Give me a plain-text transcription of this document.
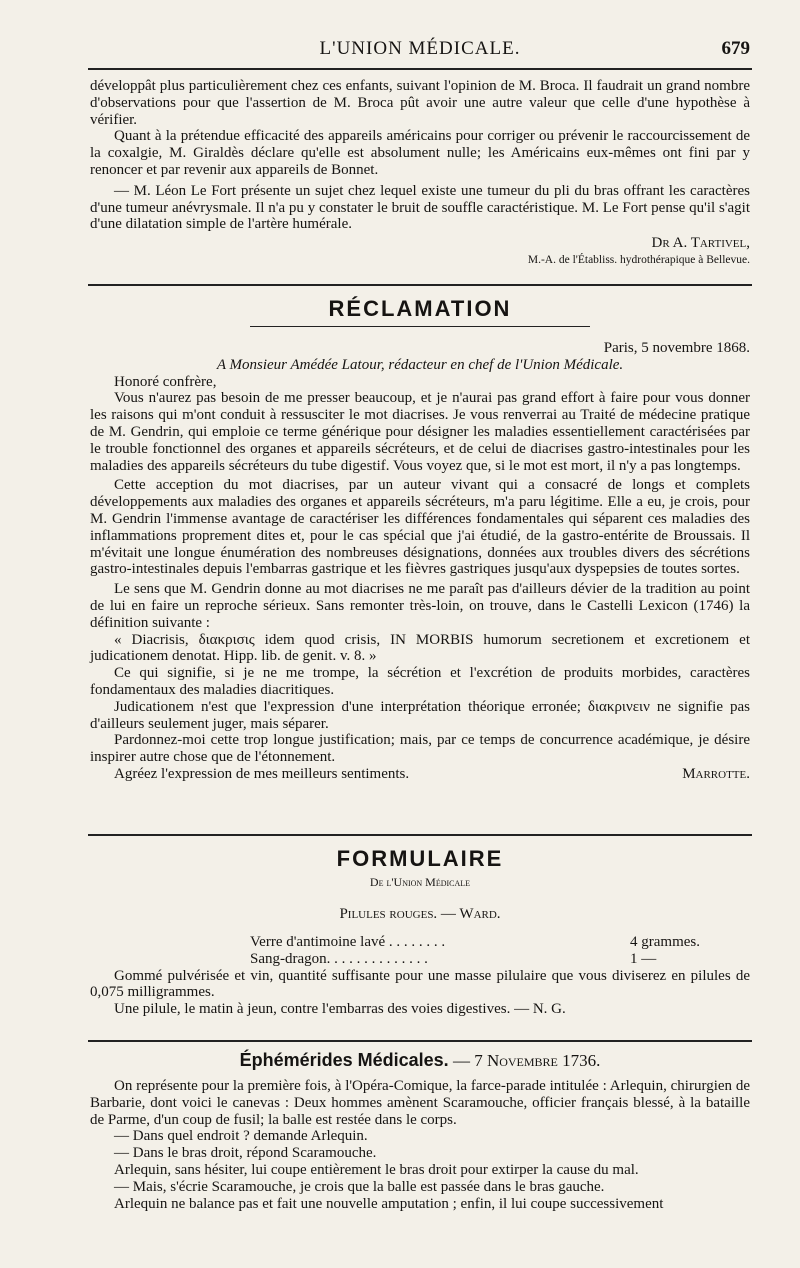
L'UNION MÉDICALE.	679

développât plus particulièrement chez ces enfants, suivant l'opinion de M. Broca. Il faudrait un grand nombre d'observations pour que l'assertion de M. Broca pût avoir une autre valeur que celle d'une hypothèse à vérifier.

Quant à la prétendue efficacité des appareils américains pour corriger ou prévenir le raccourcissement de la coxalgie, M. Giraldès déclare qu'elle est absolument nulle; les Américains eux-mêmes ont fini par y renoncer et par revenir aux appareils de Bonnet.

— M. Léon Le Fort présente un sujet chez lequel existe une tumeur du pli du bras offrant les caractères d'une tumeur anévrysmale. Il n'a pu y constater le bruit de souffle caractéristique. M. Le Fort pense qu'il s'agit d'une dilatation simple de l'artère humérale.

Dr A. Tartivel,
M.-A. de l'Établiss. hydrothérapique à Bellevue.
RÉCLAMATION
Paris, 5 novembre 1868.

A Monsieur Amédée Latour, rédacteur en chef de l'Union Médicale.

Honoré confrère,

Vous n'aurez pas besoin de me presser beaucoup, et je n'aurai pas grand effort à faire pour vous donner les raisons qui m'ont conduit à ressusciter le mot diacrises. Je vous renverrai au Traité de médecine pratique de M. Gendrin, qui emploie ce terme générique pour désigner les maladies essentiellement caractérisées par le trouble fonctionnel des organes et appareils sécréteurs, et de celui de diacrises gastro-intestinales pour les maladies des appareils sécréteurs du tube digestif. Vous voyez que, si le mot est mort, il n'y a pas longtemps.

Cette acception du mot diacrises, par un auteur vivant qui a consacré de longs et complets développements aux maladies des organes et appareils sécréteurs, m'a paru légitime. Elle a eu, je crois, pour M. Gendrin l'immense avantage de caractériser les différences fondamentales qui séparent ces maladies des inflammations proprement dites et, pour le cas spécial que j'ai étudié, de la gastro-entérite de Broussais. Il m'évitait une longue énumération des nombreuses désignations, données aux troubles divers des sécrétions gastro-intestinales depuis l'embarras gastrique et les fièvres gastriques jusqu'aux dyspepsies de toutes sortes.

Le sens que M. Gendrin donne au mot diacrises ne me paraît pas d'ailleurs dévier de la tradition au point de lui en faire un reproche sérieux. Sans remonter très-loin, on trouve, dans le Castelli Lexicon (1746) la définition suivante :

« Diacrisis, διακρισις idem quod crisis, IN MORBIS humorum secretionem et excretionem et judicationem denotat. Hipp. lib. de genit. v. 8. »

Ce qui signifie, si je ne me trompe, la sécrétion et l'excrétion de produits morbides, caractères fondamentaux des maladies diacritiques.

Judicationem n'est que l'expression d'une interprétation théorique erronée; διακρινειν ne signifie pas d'ailleurs seulement juger, mais séparer.

Pardonnez-moi cette trop longue justification; mais, par ce temps de concurrence académique, je désire inspirer autre chose que de l'étonnement.

Agréez l'expression de mes meilleurs sentiments.	Marrotte.
FORMULAIRE
De l'Union Médicale
Pilules rouges. — Ward.
Verre d'antimoine lavé . . . . . . . .	4 grammes.
Sang-dragon. . . . . . . . . . . . . .	1 —

Gommé pulvérisée et vin, quantité suffisante pour une masse pilulaire que vous diviserez en pilules de 0,075 milligrammes.

Une pilule, le matin à jeun, contre l'embarras des voies digestives. — N. G.

Éphémérides Médicales. — 7 Novembre 1736.

On représente pour la première fois, à l'Opéra-Comique, la farce-parade intitulée : Arlequin, chirurgien de Barbarie, dont voici le canevas : Deux hommes amènent Scaramouche, officier français blessé, à la bataille de Parme, d'un coup de fusil; la balle est restée dans le corps.

— Dans quel endroit ? demande Arlequin.

— Dans le bras droit, répond Scaramouche.

Arlequin, sans hésiter, lui coupe entièrement le bras droit pour extirper la cause du mal.

— Mais, s'écrie Scaramouche, je crois que la balle est passée dans le bras gauche.

Arlequin ne balance pas et fait une nouvelle amputation ; enfin, il lui coupe successivement
